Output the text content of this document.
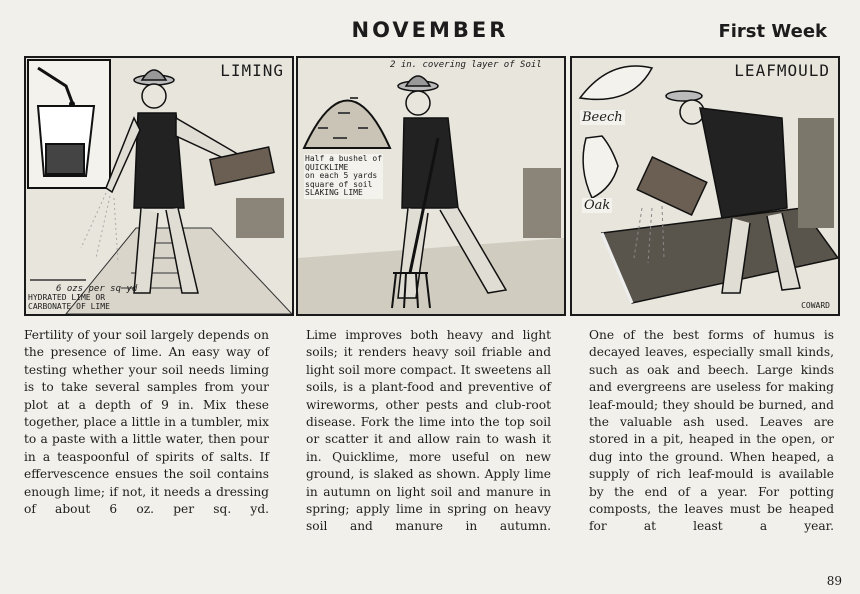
NOVEMBER	First Week
LIMING
6 ozs per sq yd
HYDRATED LIME OR
CARBONATE OF LIME
2 in. covering layer of Soil
Half a bushel of
QUICKLIME
on each 5 yards
square of soil
SLAKING LIME
LEAFMOULD
Beech
Oak
COWARD

Fertility of your soil largely depends on the presence of lime. An easy way of testing whether your soil needs liming is to take several samples from your plot at a depth of 9 in. Mix these together, place a little in a tumbler, mix to a paste with a little water, then pour in a teaspoonful of spirits of salts. If effervescence ensues the soil contains enough lime; if not, it needs a dressing of about 6 oz. per sq. yd.

Lime improves both heavy and light soils; it renders heavy soil friable and light soil more compact. It sweetens all soils, is a plant-food and preventive of wireworms, other pests and club-root disease. Fork the lime into the top soil or scatter it and allow rain to wash it in. Quicklime, more useful on new ground, is slaked as shown. Apply lime in autumn on light soil and manure in spring; apply lime in spring on heavy soil and manure in autumn.

One of the best forms of humus is decayed leaves, especially small kinds, such as oak and beech. Large kinds and evergreens are useless for making leaf-mould; they should be burned, and the valuable ash used. Leaves are stored in a pit, heaped in the open, or dug into the ground. When heaped, a supply of rich leaf-mould is available by the end of a year. For potting composts, the leaves must be heaped for at least a year.

89
